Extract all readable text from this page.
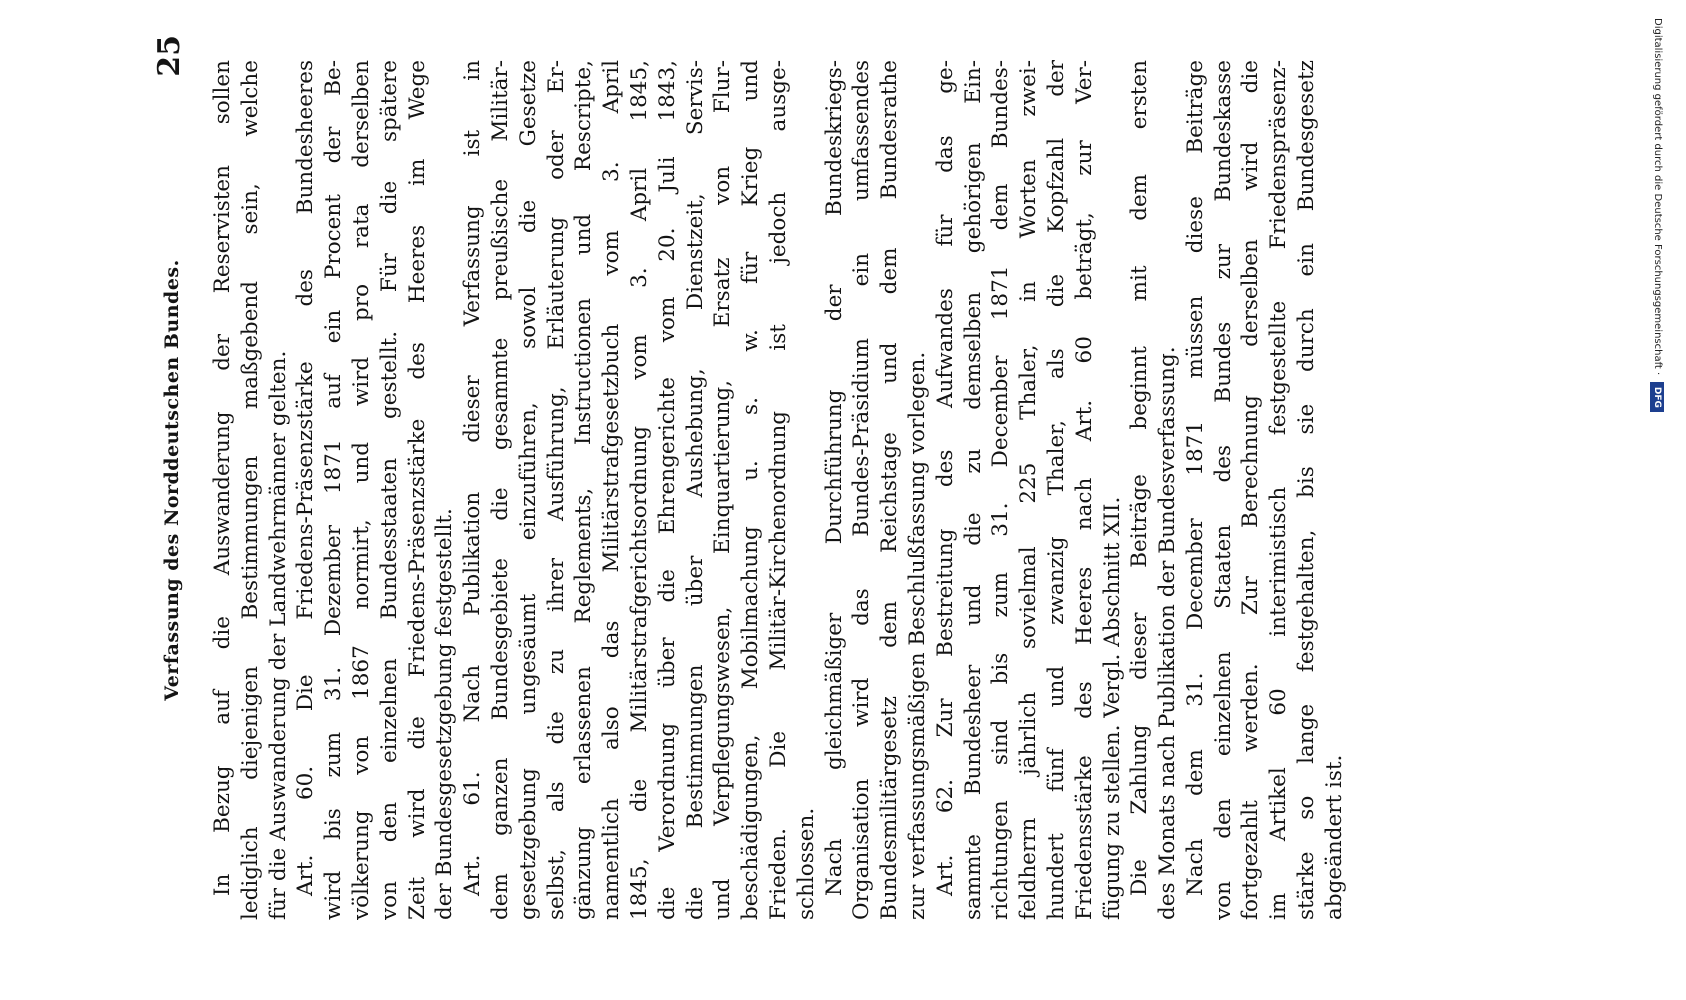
Verfassung des Norddeutschen Bundes.
25
In Bezug auf die Auswanderung der Reservisten sollen lediglich diejenigen Bestimmungen maßgebend sein, welche für die Auswanderung der Landwehrmänner gelten. Art. 60. Die Friedens-Präsenzstärke des Bundesheeres wird bis zum 31. Dezember 1871 auf ein Procent der Be- völkerung von 1867 normirt, und wird pro rata derselben von den einzelnen Bundesstaaten gestellt. Für die spätere Zeit wird die Friedens-Präsenzstärke des Heeres im Wege der Bundesgesetzgebung festgestellt. Art. 61. Nach Publikation dieser Verfassung ist in dem ganzen Bundesgebiete die gesammte preußische Militär- gesetzgebung ungesäumt einzuführen, sowol die Gesetze selbst, als die zu ihrer Ausführung, Erläuterung oder Er- gänzung erlassenen Reglements, Instructionen und Rescripte, namentlich also das Militärstrafgesetzbuch vom 3. April 1845, die Militärstrafgerichtsordnung vom 3. April 1845, die Verordnung über die Ehrengerichte vom 20. Juli 1843, die Bestimmungen über Aushebung, Dienstzeit, Servis- und Verpflegungswesen, Einquartierung, Ersatz von Flur- beschädigungen, Mobilmachung u. s. w. für Krieg und Frieden. Die Militär-Kirchenordnung ist jedoch ausge- schlossen. Nach gleichmäßiger Durchführung der Bundeskriegs- Organisation wird das Bundes-Präsidium ein umfassendes Bundesmilitärgesetz dem Reichstage und dem Bundesrathe zur verfassungsmäßigen Beschlußfassung vorlegen. Art. 62. Zur Bestreitung des Aufwandes für das ge- sammte Bundesheer und die zu demselben gehörigen Ein- richtungen sind bis zum 31. December 1871 dem Bundes- feldherrn jährlich sovielmal 225 Thaler, in Worten zwei- hundert fünf und zwanzig Thaler, als die Kopfzahl der Friedensstärke des Heeres nach Art. 60 beträgt, zur Ver- fügung zu stellen. Vergl. Abschnitt XII. Die Zahlung dieser Beiträge beginnt mit dem ersten des Monats nach Publikation der Bundesverfassung. Nach dem 31. December 1871 müssen diese Beiträge von den einzelnen Staaten des Bundes zur Bundeskasse fortgezahlt werden. Zur Berechnung derselben wird die im Artikel 60 interimistisch festgestellte Friedenspräsenz- stärke so lange festgehalten, bis sie durch ein Bundesgesetz abgeändert ist.
Digitalisierung gefördert durch die Deutsche Forschungsgemeinschaft · DFG
